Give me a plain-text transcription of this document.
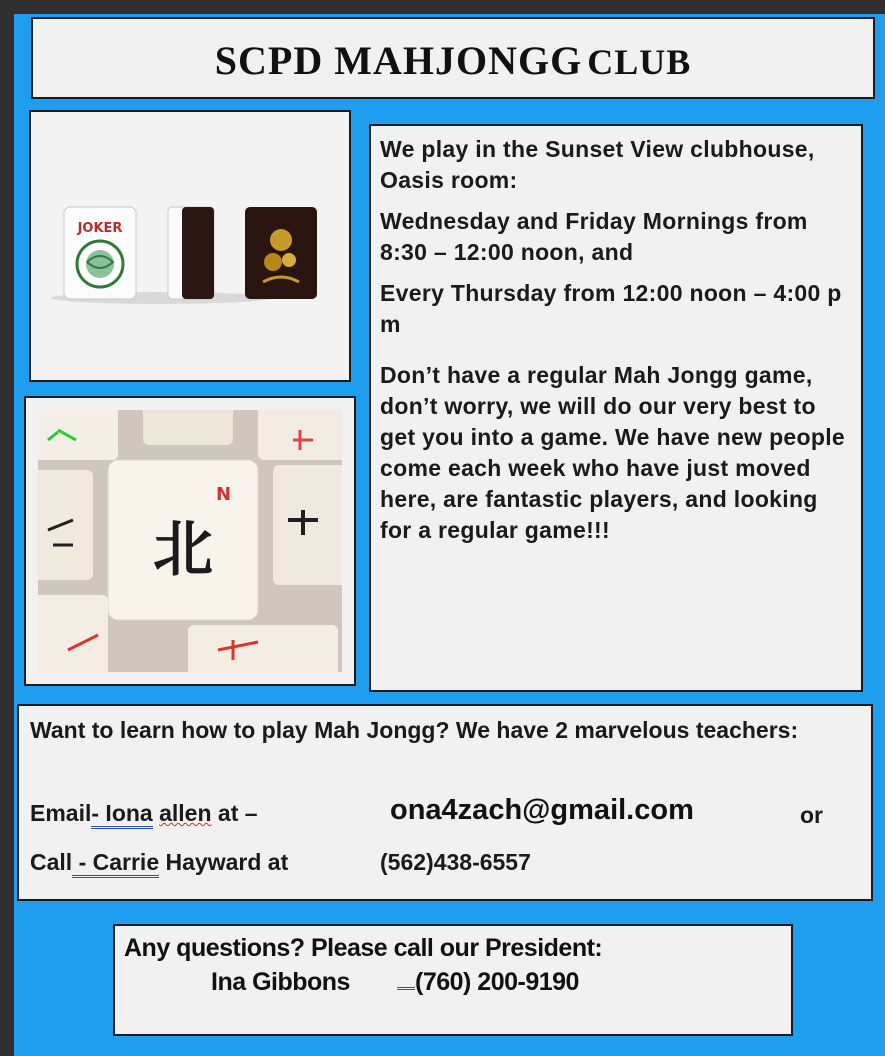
SCPD MAHJONGG CLUB
JOKER
N
北

We play in the Sunset View clubhouse, Oasis room:

Wednesday and Friday Mornings from 8:30 – 12:00 noon, and

Every Thursday from 12:00 noon – 4:00 p m

Don’t have a regular Mah Jongg game, don’t worry, we will do our very best to get you into a game. We have new people come each week who have just moved here, are fantastic players, and looking for a regular game!!!

Want to learn how to play Mah Jongg? We have 2 marvelous teachers:
Email- Iona allen at –	ona4zach@gmail.com	or
Call - Carrie Hayward at	(562)438-6557
Any questions? Please call our President:
Ina Gibbons	(760) 200-9190
